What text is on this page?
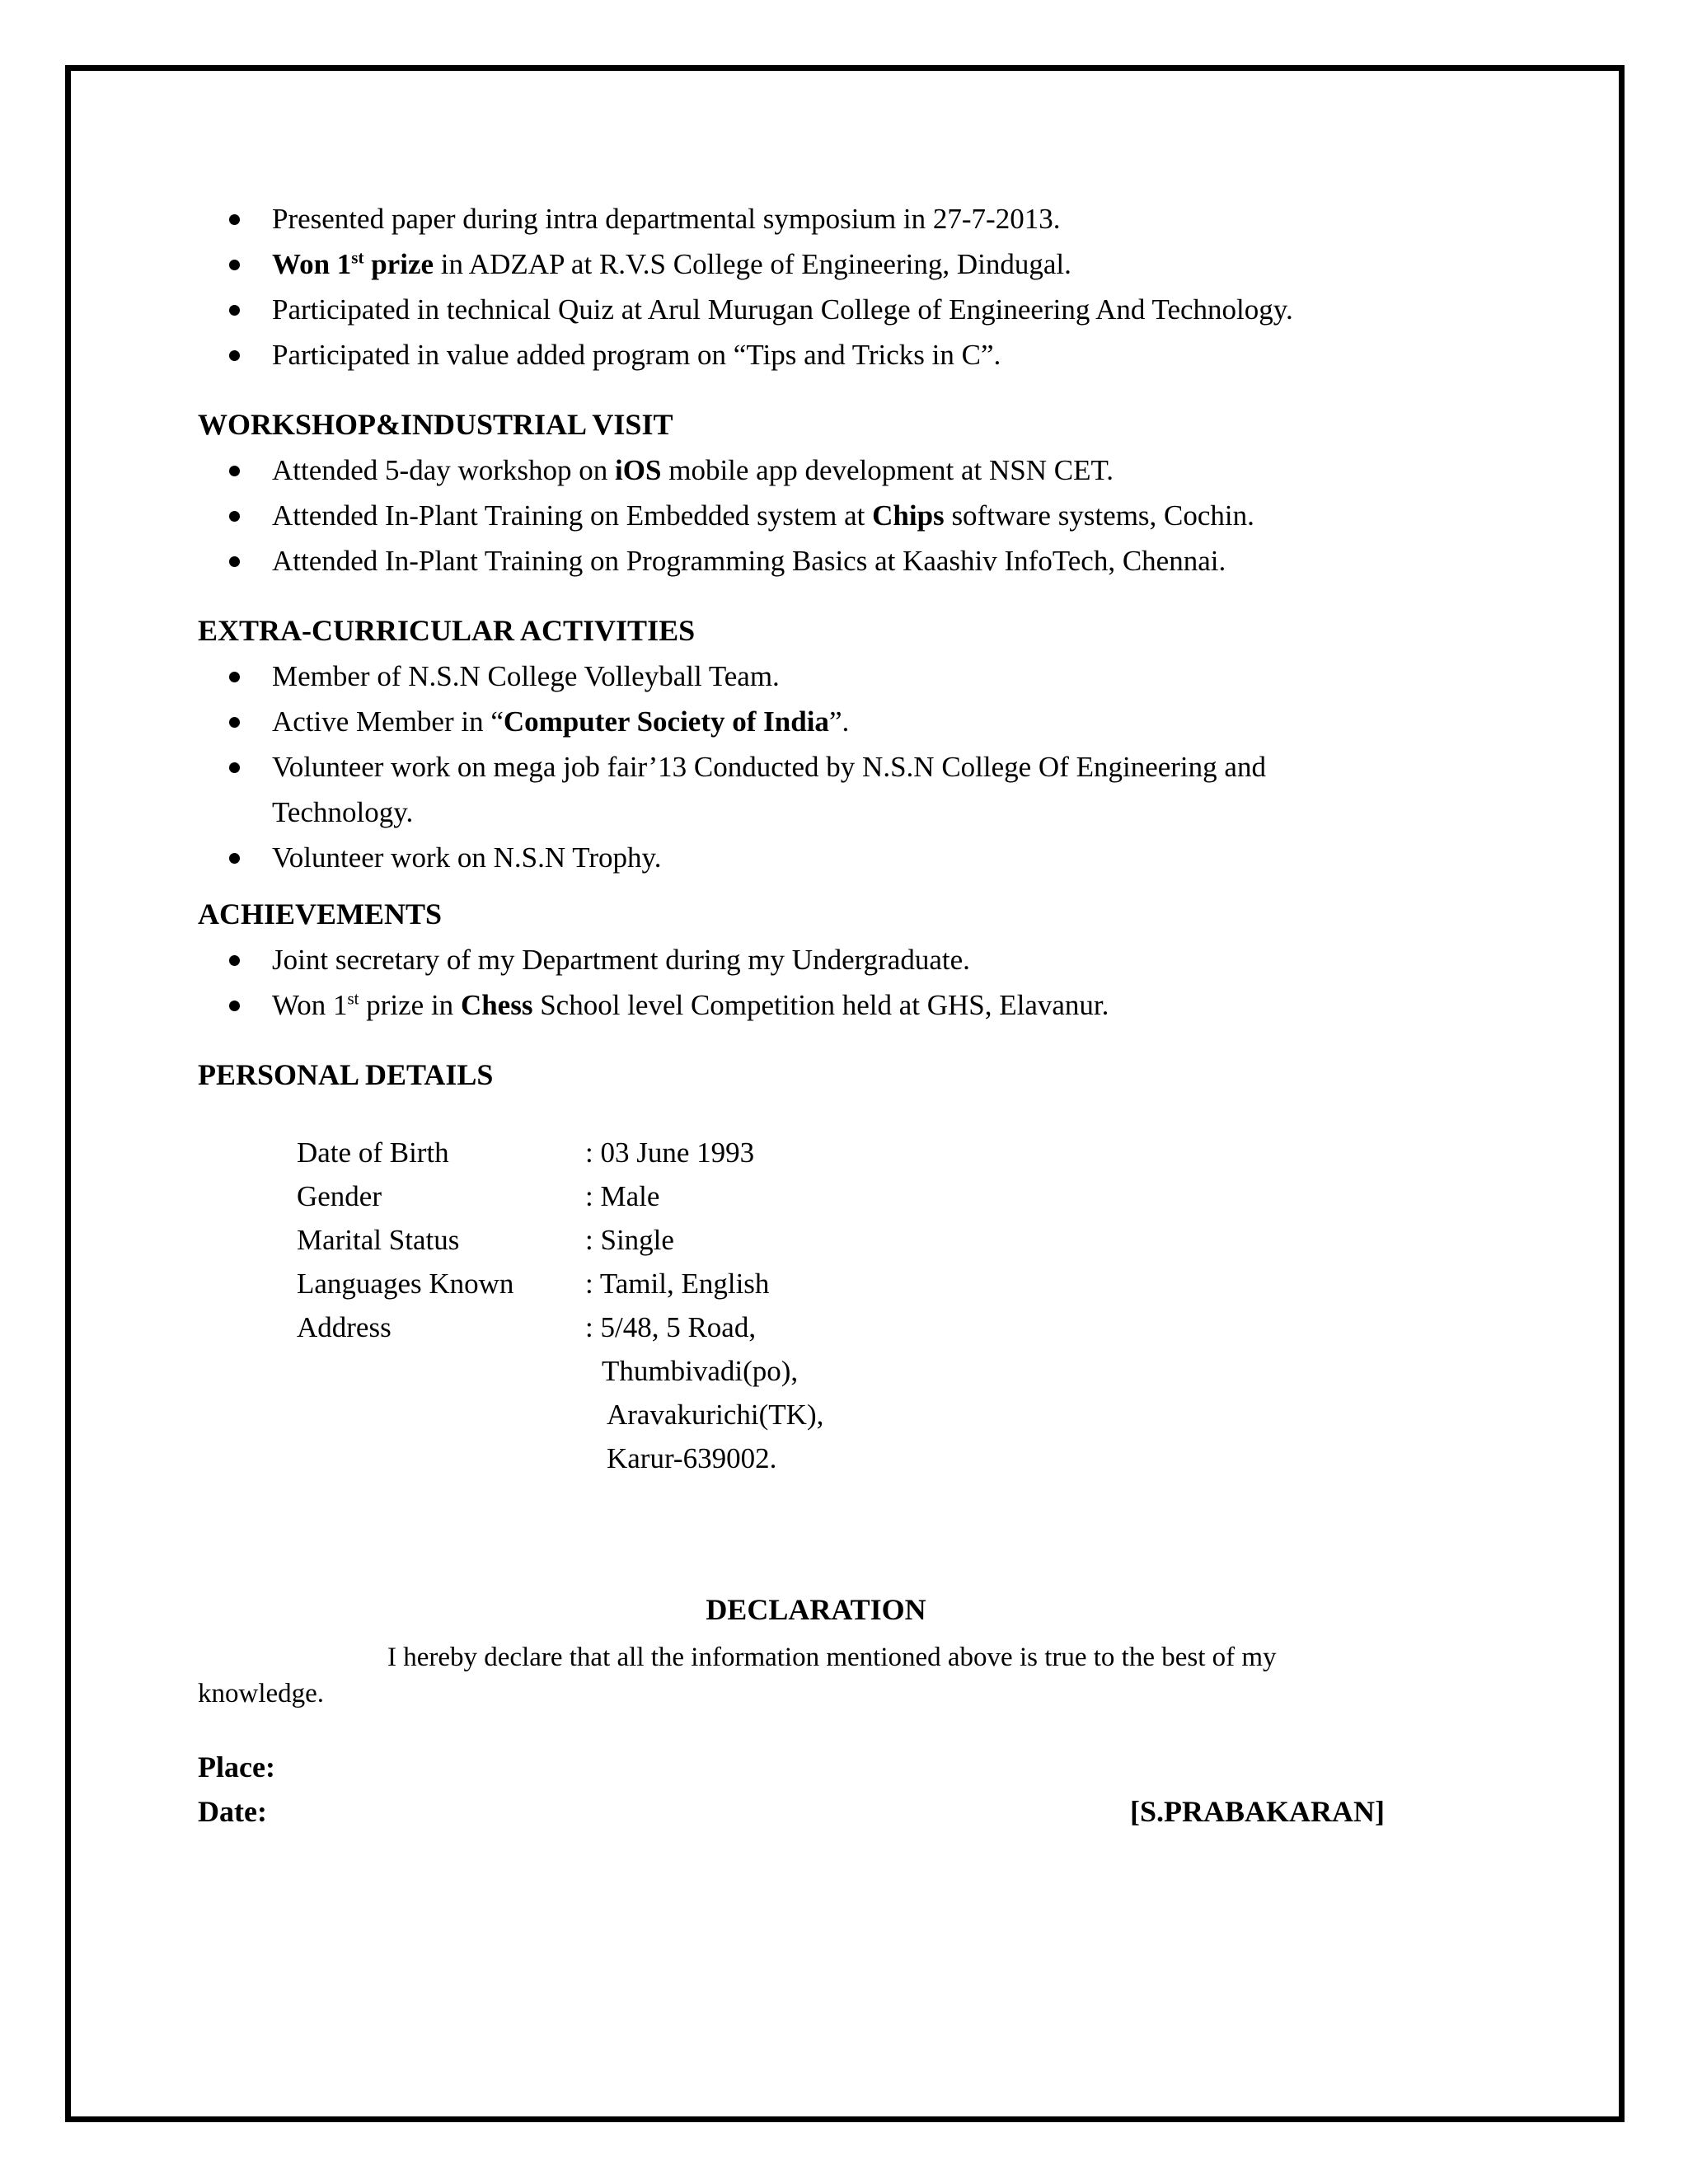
Presented paper during intra departmental symposium in 27-7-2013.
Won 1st prize in ADZAP at R.V.S College of Engineering, Dindugal.
Participated in technical Quiz at Arul Murugan College of Engineering And Technology.
Participated in value added program on “Tips and Tricks in C”.
WORKSHOP&INDUSTRIAL VISIT
Attended 5-day workshop on iOS mobile app development at NSN CET.
Attended In-Plant Training on Embedded system at Chips software systems, Cochin.
Attended In-Plant Training on Programming Basics at Kaashiv InfoTech, Chennai.
EXTRA-CURRICULAR ACTIVITIES
Member of N.S.N College Volleyball Team.
Active Member in “Computer Society of India”.
Volunteer work on mega job fair’13 Conducted by N.S.N College Of Engineering and Technology.
Volunteer work on N.S.N Trophy.
ACHIEVEMENTS
Joint secretary of my Department during my Undergraduate.
Won 1st prize in Chess School level Competition held at GHS, Elavanur.
PERSONAL DETAILS
Date of Birth	: 03 June 1993
Gender	: Male
Marital Status	: Single
Languages Known	: Tamil, English
Address	: 5/48, 5 Road,
Thumbivadi(po),
Aravakurichi(TK),
Karur-639002.
DECLARATION
I hereby declare that all the information mentioned above is true to the best of my knowledge.
Place:
Date:	[S.PRABAKARAN]
